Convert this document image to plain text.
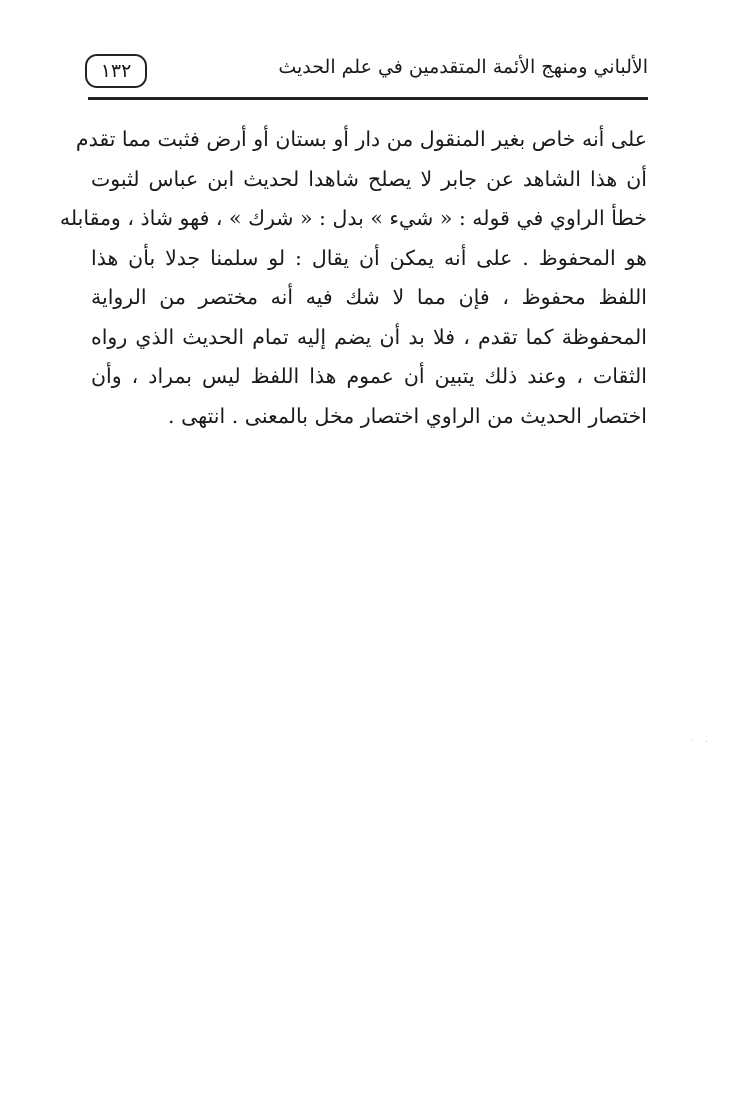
١٣٢	الألباني ومنهج الأئمة المتقدمين في علم الحديث
على أنه خاص بغير المنقول من دار أو بستان أو أرض فثبت مما تقدم
أن هذا الشاهد عن جابر لا يصلح شاهدا لحديث ابن عباس لثبوت
خطأ الراوي في قوله : « شيء » بدل : « شرك » ، فهو شاذ ، ومقابله
هو المحفوظ . على أنه يمكن أن يقال : لو سلمنا جدلا بأن هذا
اللفظ محفوظ ، فإن مما لا شك فيه أنه مختصر من الرواية
المحفوظة كما تقدم ، فلا بد أن يضم إليه تمام الحديث الذي رواه
الثقات ، وعند ذلك يتبين أن عموم هذا اللفظ ليس بمراد ، وأن
اختصار الحديث من الراوي اختصار مخل بالمعنى . انتهى .
